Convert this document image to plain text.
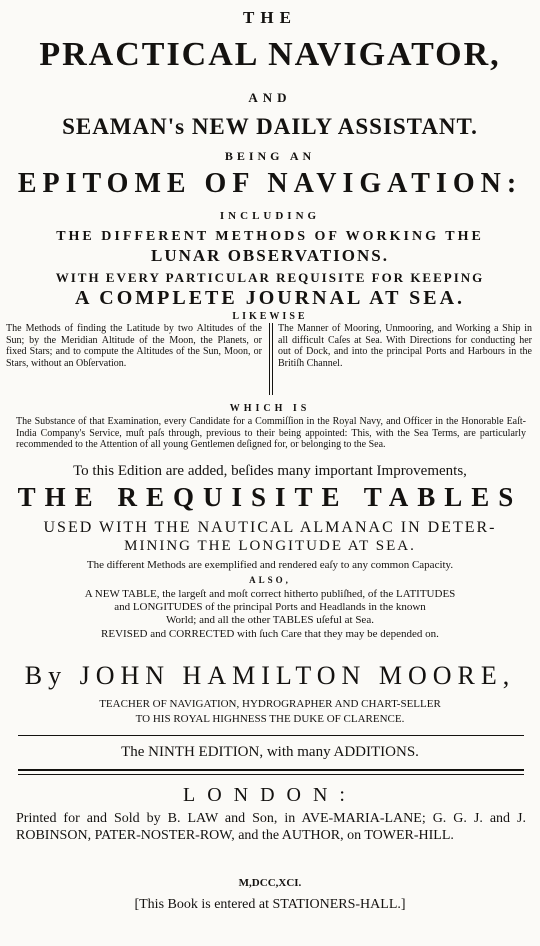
THE
PRACTICAL NAVIGATOR,
AND
SEAMAN's NEW DAILY ASSISTANT.
BEING AN
EPITOME OF NAVIGATION:
INCLUDING
THE DIFFERENT METHODS OF WORKING THE
LUNAR OBSERVATIONS.
WITH EVERY PARTICULAR REQUISITE FOR KEEPING
A COMPLETE JOURNAL AT SEA.
LIKEWISE
The Methods of finding the Latitude by two Altitudes of the Sun; by the Meridian Altitude of the Moon, the Planets, or fixed Stars; and to compute the Altitudes of the Sun, Moon, or Stars, without an Obſervation.
The Manner of Mooring, Unmooring, and Working a Ship in all difficult Caſes at Sea. With Directions for conducting her out of Dock, and into the principal Ports and Harbours in the Britiſh Channel.
WHICH IS
The Substance of that Examination, every Candidate for a Commiſſion in the Royal Navy, and Officer in the Honorable Eaſt-India Company's Service, muſt paſs through, previous to their being appointed: This, with the Sea Terms, are particularly recommended to the Attention of all young Gentlemen deſigned for, or belonging to the Sea.
To this Edition are added, beſides many important Improvements,
THE REQUISITE TABLES
USED WITH THE NAUTICAL ALMANAC IN DETER-
MINING THE LONGITUDE AT SEA.
The different Methods are exemplified and rendered eaſy to any common Capacity.
ALSO,
A NEW TABLE, the largeſt and moſt correct hitherto publiſhed, of the LATITUDES
and LONGITUDES of the principal Ports and Headlands in the known
World; and all the other TABLES uſeful at Sea.
REVISED and CORRECTED with ſuch Care that they may be depended on.
By JOHN HAMILTON MOORE,
TEACHER OF NAVIGATION, HYDROGRAPHER AND CHART-SELLER
TO HIS ROYAL HIGHNESS THE DUKE OF CLARENCE.
The NINTH EDITION, with many ADDITIONS.
LONDON:
Printed for and Sold by B. LAW and Son, in AVE-MARIA-LANE; G. G. J. and J. ROBINSON, PATER-NOSTER-ROW, and the AUTHOR, on TOWER-HILL.
M,DCC,XCI.
[This Book is entered at STATIONERS-HALL.]
